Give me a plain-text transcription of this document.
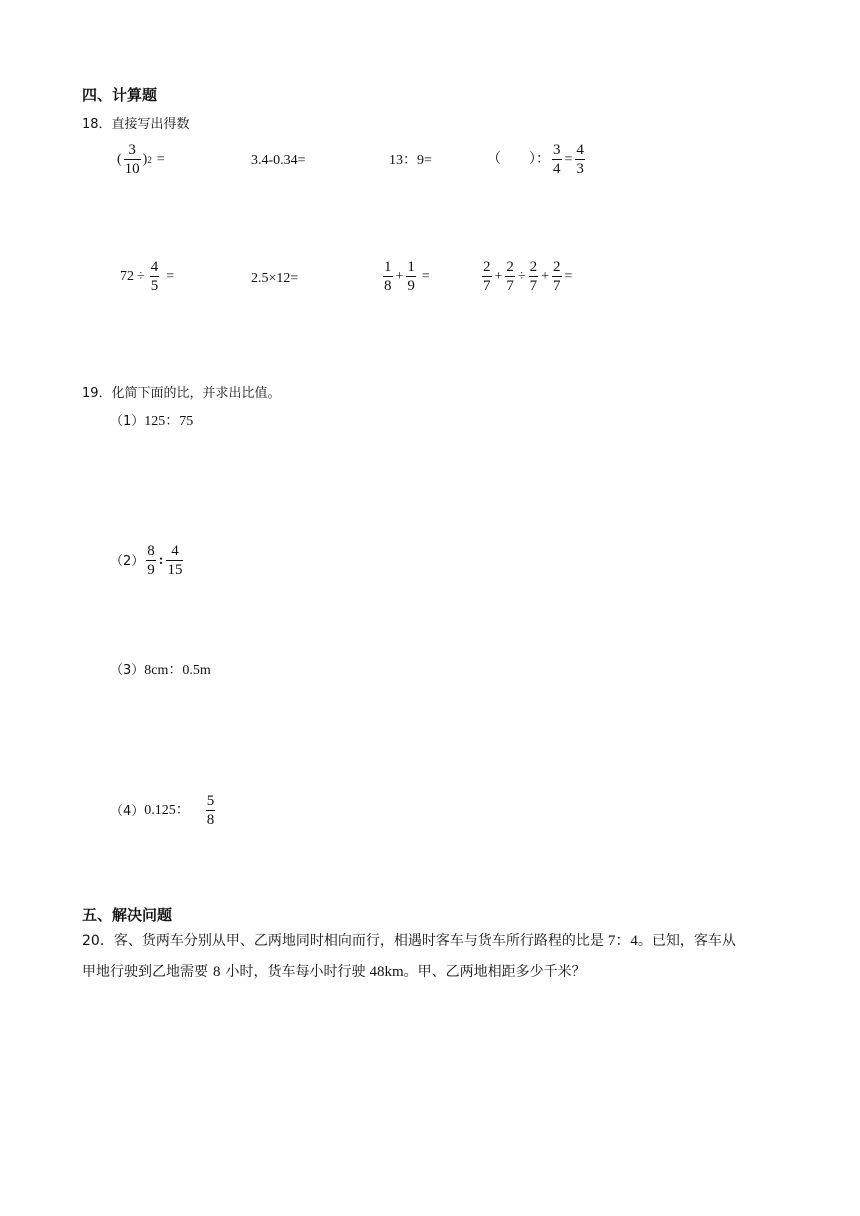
四、计算题
18．直接写出得数
( $\frac{3}{10}$ ) 2 =	3.4-0.34=	13：9=	（　　）： $\frac{3}{4} = \frac{4}{3}$
$72 \div \frac{4}{5}$ =	2.5×12=	$\frac{1}{8} + \frac{1}{9}$ =	$\frac{2}{7} + \frac{2}{7} \div \frac{2}{7} + \frac{2}{7}$ =
19．化简下面的比，并求出比值。
（1）125：75
$(2) \frac{8}{9}$ : $\frac{4}{15}$
（3）8cm：0.5m
（4） 0.125： $\frac{5}{8}$
五、解决问题
20．客、货两车分别从甲、乙两地同时相向而行，相遇时客车与货车所行路程的比是 7：4。已知，客车从
甲地行驶到乙地需要 8 小时，货车每小时行驶 48km。甲、乙两地相距多少千米？
